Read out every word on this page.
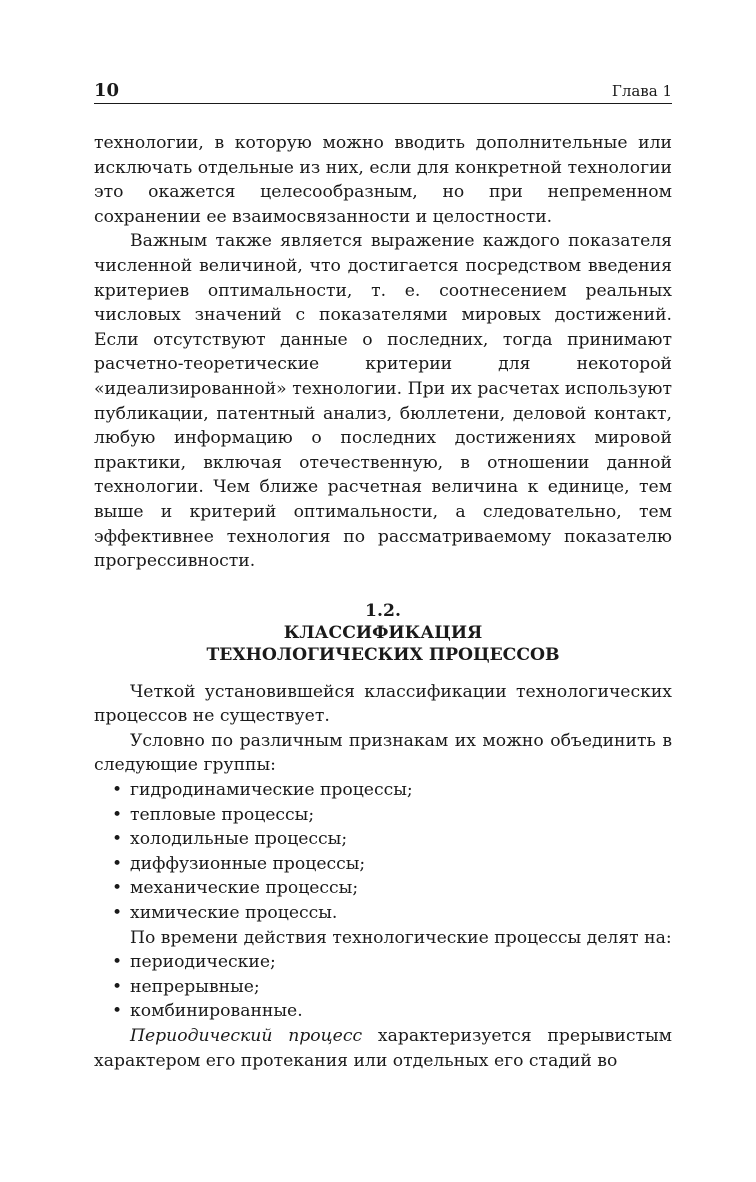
10	Глава 1

технологии, в которую можно вводить дополнительные или исключать отдельные из них, если для конкретной технологии это окажется целесообразным, но при непременном сохранении ее взаимосвязанности и целостности.

Важным также является выражение каждого показателя численной величиной, что достигается посредством введения критериев оптимальности, т. е. соотнесением реальных числовых значений с показателями мировых достижений. Если отсутствуют данные о последних, тогда принимают расчетно-теоретические критерии для некоторой «идеализированной» технологии. При их расчетах используют публикации, патентный анализ, бюллетени, деловой контакт, любую информацию о последних достижениях мировой практики, включая отечественную, в отношении данной технологии. Чем ближе расчетная величина к единице, тем выше и критерий оптимальности, а следовательно, тем эффективнее технология по рассматриваемому показателю прогрессивности.

1.2.
КЛАССИФИКАЦИЯ
ТЕХНОЛОГИЧЕСКИХ ПРОЦЕССОВ

Четкой установившейся классификации технологических процессов не существует.

Условно по различным признакам их можно объединить в следующие группы:

• гидродинамические процессы;
• тепловые процессы;
• холодильные процессы;
• диффузионные процессы;
• механические процессы;
• химические процессы.

По времени действия технологические процессы делят на:

• периодические;
• непрерывные;
• комбинированные.

Периодический процесс характеризуется прерывистым характером его протекания или отдельных его стадий во
